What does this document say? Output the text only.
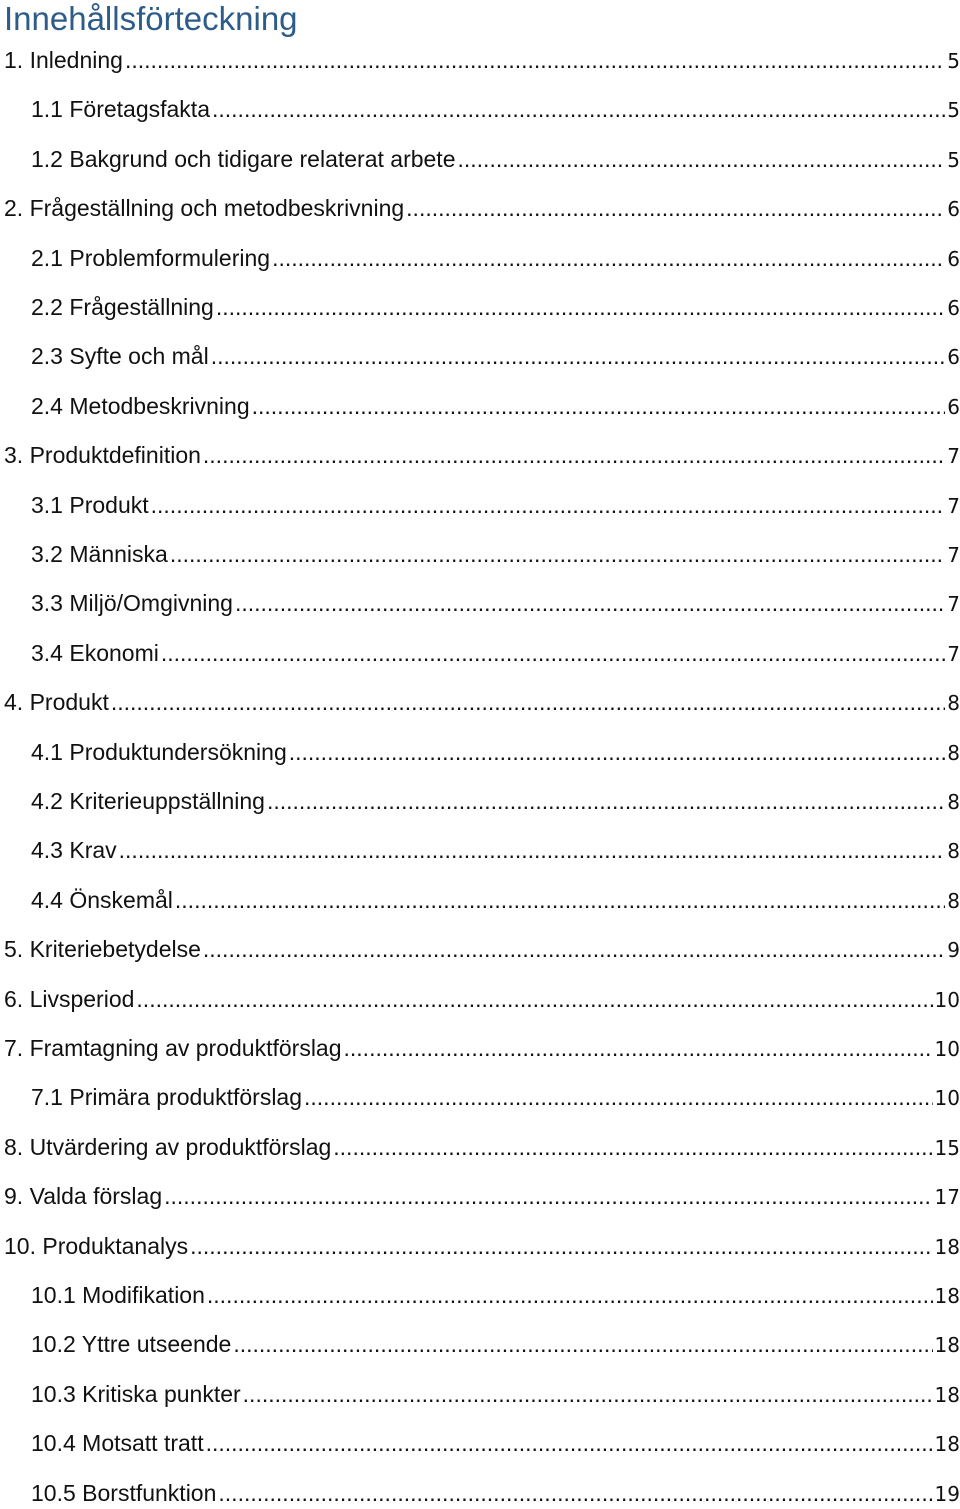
Innehållsförteckning
1. Inledning .....	5
1.1 Företagsfakta .....	5
1.2 Bakgrund och tidigare relaterat arbete .....	5
2. Frågeställning och metodbeskrivning .....	6
2.1 Problemformulering .....	6
2.2 Frågeställning .....	6
2.3 Syfte och mål .....	6
2.4 Metodbeskrivning .....	6
3. Produktdefinition .....	7
3.1 Produkt .....	7
3.2 Människa .....	7
3.3 Miljö/Omgivning .....	7
3.4 Ekonomi .....	7
4. Produkt .....	8
4.1 Produktundersökning .....	8
4.2 Kriterieuppställning .....	8
4.3 Krav .....	8
4.4 Önskemål .....	8
5. Kriteriebetydelse .....	9
6. Livsperiod .....	10
7. Framtagning av produktförslag .....	10
7.1 Primära produktförslag .....	10
8. Utvärdering av produktförslag .....	15
9. Valda förslag .....	17
10. Produktanalys .....	18
10.1 Modifikation .....	18
10.2 Yttre utseende .....	18
10.3 Kritiska punkter .....	18
10.4 Motsatt tratt .....	18
10.5 Borstfunktion .....	19
